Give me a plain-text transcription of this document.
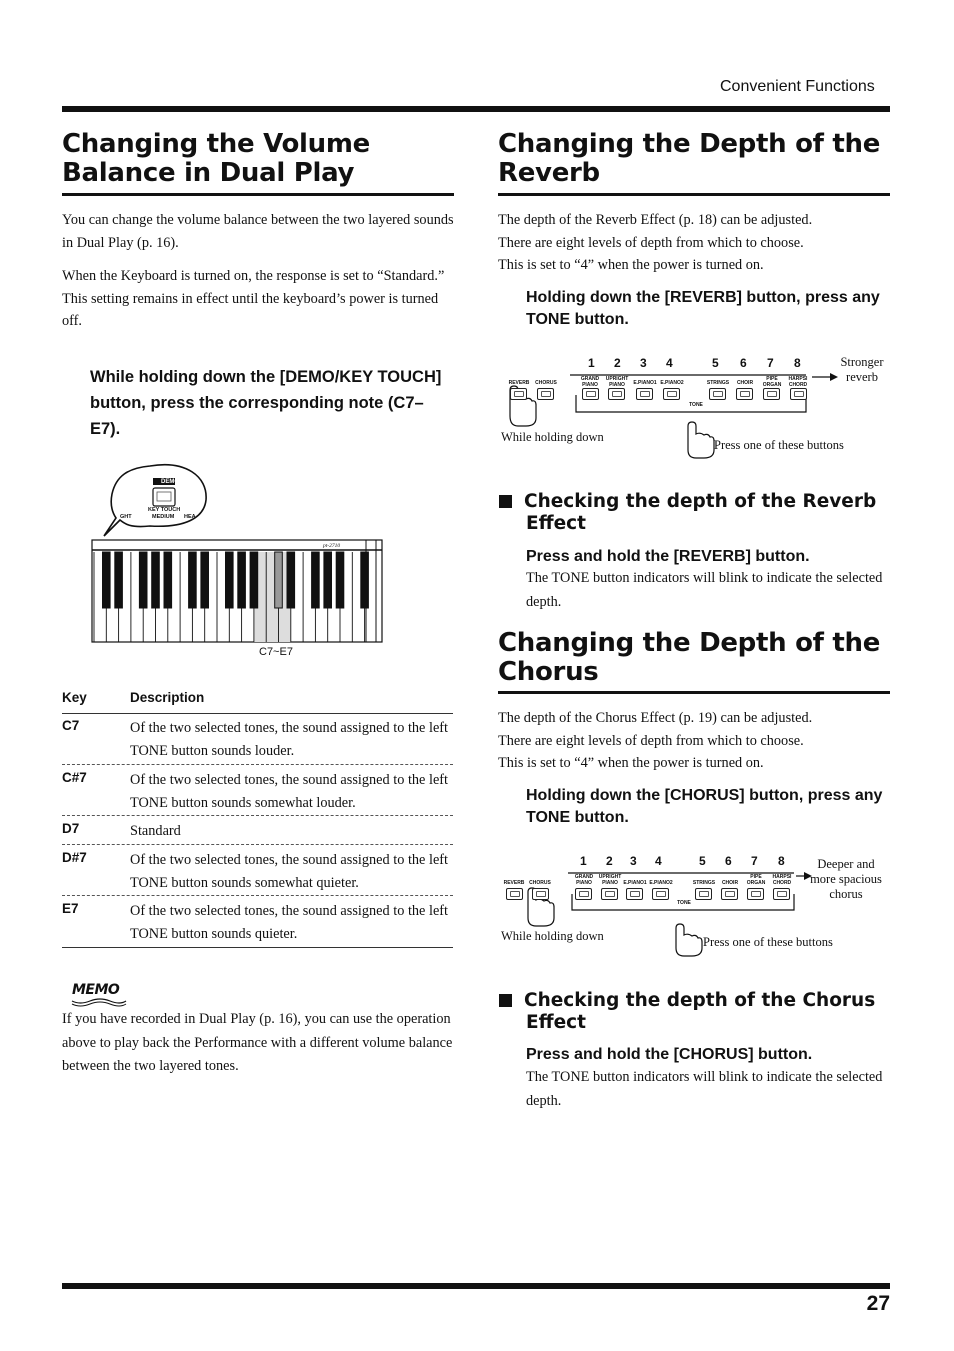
Convenient Functions
Changing the Volume
Balance in Dual Play
You can change the volume balance between the two layered sounds in Dual Play (p. 16).
When the Keyboard is turned on, the response is set to “Standard.”
This setting remains in effect until the keyboard’s power is turned off.
While holding down the [DEMO/KEY TOUCH] button, press the corresponding note (C7–E7).
DEMO
KEY TOUCH
GHT	MEDIUM HEA
pt-2710
C7~E7
Key	Description
C7	Of the two selected tones, the sound assigned to the left TONE button sounds louder.
C#7	Of the two selected tones, the sound assigned to the left TONE button sounds somewhat louder.
D7	Standard
D#7	Of the two selected tones, the sound assigned to the left TONE button sounds somewhat quieter.
E7	Of the two selected tones, the sound assigned to the left TONE button sounds quieter.
MEMO
If you have recorded in Dual Play (p. 16), you can use the operation above to play back the Performance with a different volume balance between the two layered tones.
Changing the Depth of the
Reverb
The depth of the Reverb Effect (p. 18) can be adjusted.
There are eight levels of depth from which to choose.
This is set to “4” when the power is turned on.
Holding down the [REVERB] button, press any TONE button.
REVERB CHORUS
1 2 3 4	5 6 7 8
GRAND PIANO
UPRIGHT PIANO	E.PIANO1 E.PIANO2	STRINGS	CHOIR
PIPE ORGAN
HARPSI CHORD
TONE
Stronger reverb
While holding down
Press one of these buttons
Checking the depth of the Reverb Effect
Press and hold the [REVERB] button.
The TONE button indicators will blink to indicate the selected depth.
Changing the Depth of the
Chorus
The depth of the Chorus Effect (p. 19) can be adjusted.
There are eight levels of depth from which to choose.
This is set to “4” when the power is turned on.
Holding down the [CHORUS] button, press any TONE button.
REVERB CHORUS
1 2 3 4	5 6 7 8
GRAND PIANO
UPRIGHT PIANO	E.PIANO1 E.PIANO2	STRINGS	CHOIR
PIPE ORGAN
HARPSI CHORD
TONE
Deeper and more spacious chorus
While holding down	Press one of these buttons
Checking the depth of the Chorus Effect
Press and hold the [CHORUS] button.
The TONE button indicators will blink to indicate the selected depth.
27
